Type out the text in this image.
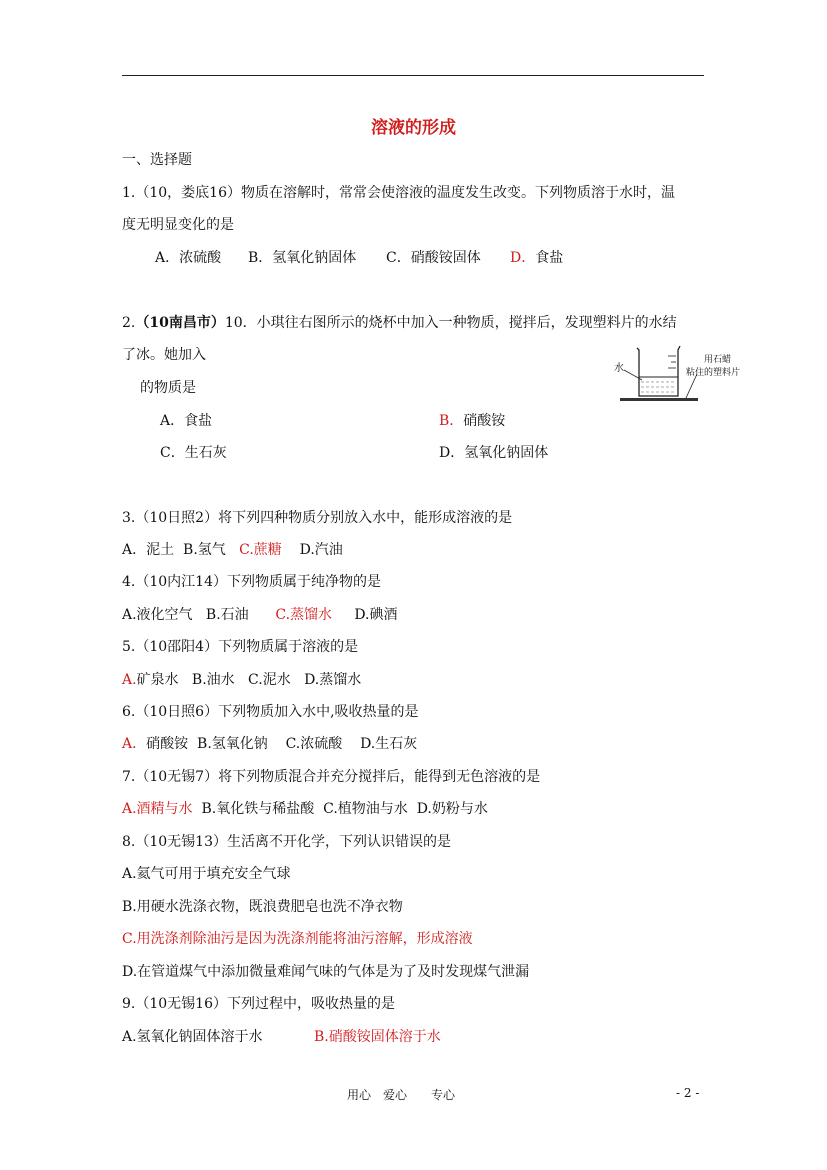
溶液的形成
一、选择题
1.（10，娄底16）物质在溶解时，常常会使溶液的温度发生改变。下列物质溶于水时，温
度无明显变化的是
A．浓硫酸 B．氢氧化钠固体 C．硝酸铵固体 D．食盐
2.（10南昌市）10．小琪往右图所示的烧杯中加入一种物质，搅拌后，发现塑料片的水结
了冰。她加入
的物质是
A．食盐	B．硝酸铵
C．生石灰	D．氢氧化钠固体
水
用石蜡
粘住的塑料片
3.（10日照2）将下列四种物质分别放入水中，能形成溶液的是
A．泥土 B.氢气 C.蔗糖 D.汽油
4.（10内江14）下列物质属于纯净物的是
A.液化空气 B.石油 C.蒸馏水 D.碘酒
5.（10邵阳4）下列物质属于溶液的是
A.矿泉水 B.油水 C.泥水 D.蒸馏水
6.（10日照6）下列物质加入水中,吸收热量的是
A．硝酸铵 B.氢氧化钠 C.浓硫酸 D.生石灰
7.（10无锡7）将下列物质混合并充分搅拌后，能得到无色溶液的是
A.酒精与水 B.氧化铁与稀盐酸 C.植物油与水 D.奶粉与水
8.（10无锡13）生活离不开化学，下列认识错误的是
A.氦气可用于填充安全气球
B.用硬水洗涤衣物，既浪费肥皂也洗不净衣物
C.用洗涤剂除油污是因为洗涤剂能将油污溶解，形成溶液
D.在管道煤气中添加微量难闻气味的气体是为了及时发现煤气泄漏
9.（10无锡16）下列过程中，吸收热量的是
A.氢氧化钠固体溶于水	B.硝酸铵固体溶于水
用心　爱心　　专心	- 2 -
